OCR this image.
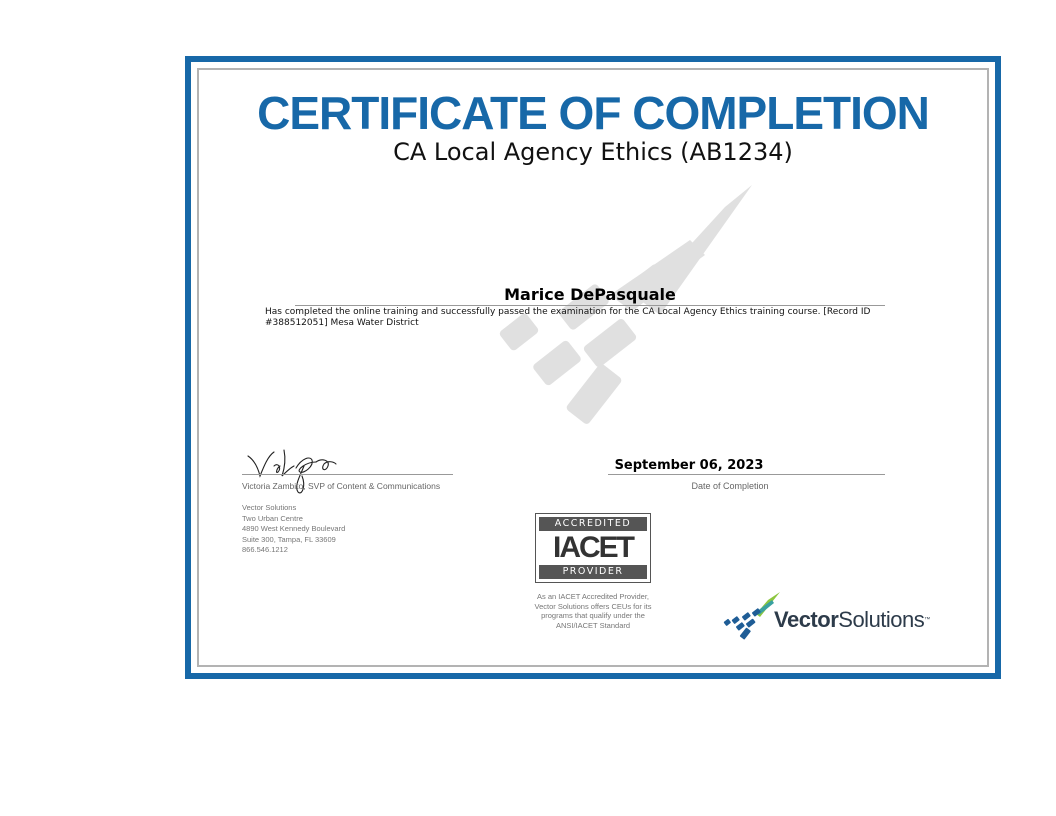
CERTIFICATE OF COMPLETION
CA Local Agency Ethics (AB1234)
Marice DePasquale
Has completed the online training and successfully passed the examination for the CA Local Agency Ethics training course. [Record ID #388512051] Mesa Water District
Victoria Zambito, SVP of Content & Communications
September 06, 2023
Date of Completion
Vector Solutions
Two Urban Centre
4890 West Kennedy Boulevard
Suite 300, Tampa, FL 33609
866.546.1212
ACCREDITED
IACET
PROVIDER
As an IACET Accredited Provider,
Vector Solutions offers CEUs for its
programs that qualify under the
ANSI/IACET Standard	VectorSolutions™
